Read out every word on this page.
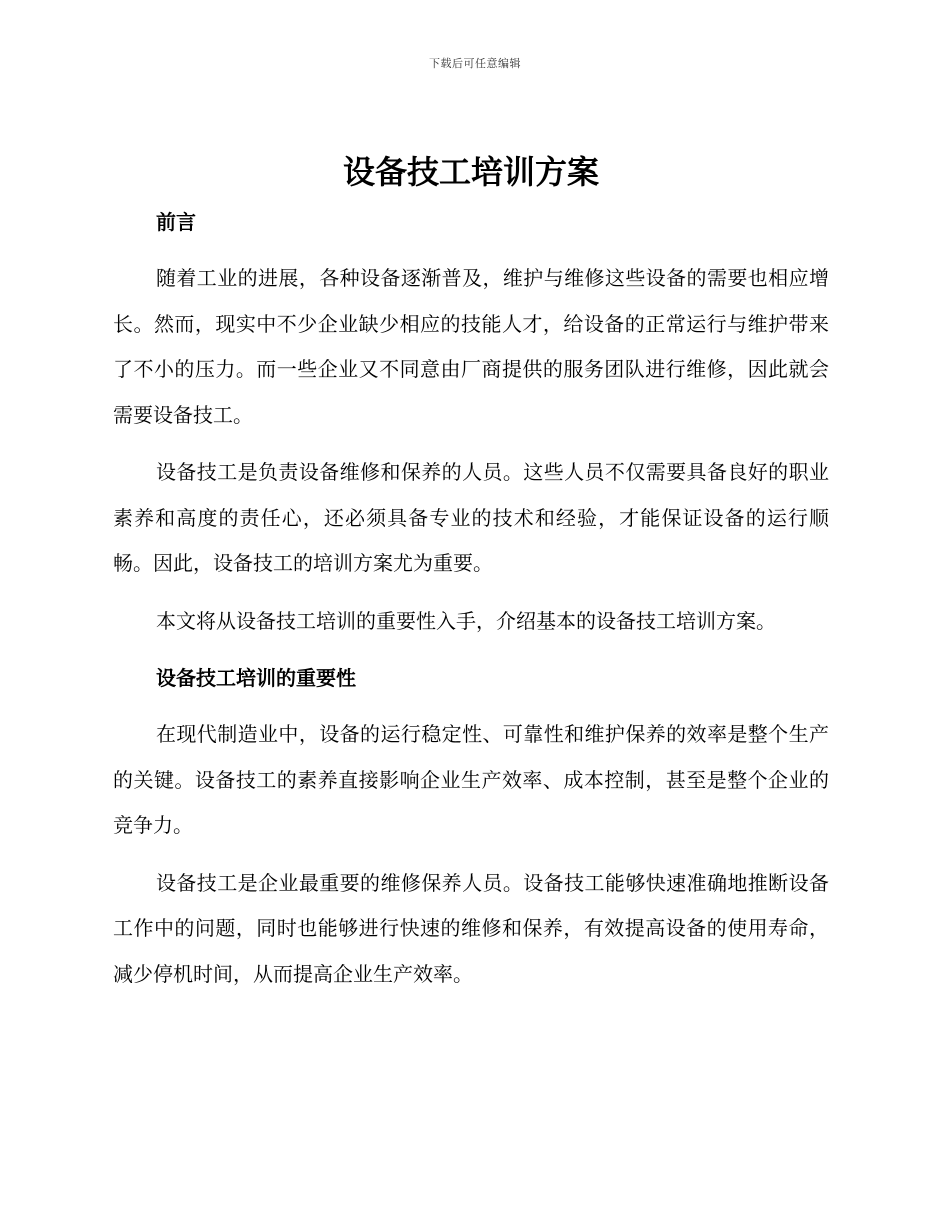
下载后可任意编辑
设备技工培训方案
前言

随着工业的进展，各种设备逐渐普及，维护与维修这些设备的需要也相应增长。然而，现实中不少企业缺少相应的技能人才，给设备的正常运行与维护带来了不小的压力。而一些企业又不同意由厂商提供的服务团队进行维修，因此就会需要设备技工。

设备技工是负责设备维修和保养的人员。这些人员不仅需要具备良好的职业素养和高度的责任心，还必须具备专业的技术和经验，才能保证设备的运行顺畅。因此，设备技工的培训方案尤为重要。

本文将从设备技工培训的重要性入手，介绍基本的设备技工培训方案。

设备技工培训的重要性

在现代制造业中，设备的运行稳定性、可靠性和维护保养的效率是整个生产的关键。设备技工的素养直接影响企业生产效率、成本控制，甚至是整个企业的竞争力。

设备技工是企业最重要的维修保养人员。设备技工能够快速准确地推断设备工作中的问题，同时也能够进行快速的维修和保养，有效提高设备的使用寿命，减少停机时间，从而提高企业生产效率。
